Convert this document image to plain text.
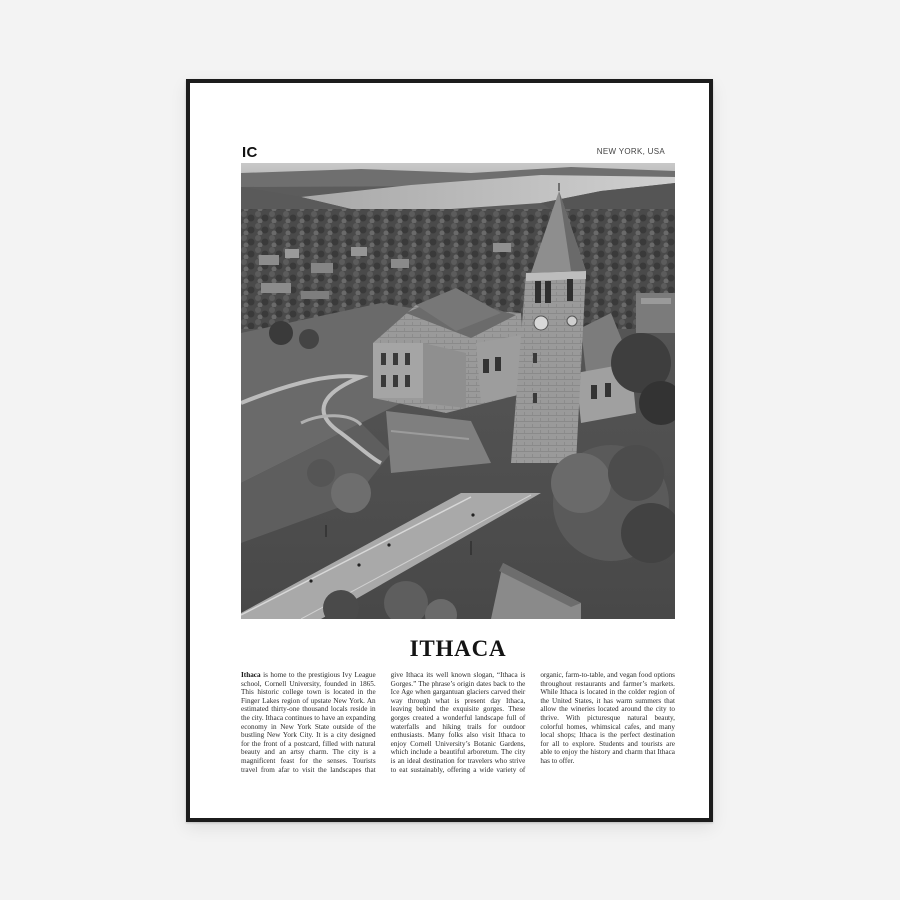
IC	NEW YORK, USA
ITHACA
Ithaca is home to the prestigious Ivy League school, Cornell University, founded in 1865. This historic college town is located in the Finger Lakes region of upstate New York. An estimated thirty-one thousand locals reside in the city. Ithaca continues to have an expanding economy in New York State outside of the bustling New York City. It is a city designed for the front of a postcard, filled with natural beauty and an artsy charm. The city is a magnificent feast for the senses. Tourists travel from afar to visit the landscapes that give Ithaca its well known slogan, “Ithaca is Gorges.” The phrase’s origin dates back to the Ice Age when gargantuan glaciers carved their way through what is present day Ithaca, leaving behind the exquisite gorges. These gorges created a wonderful landscape full of waterfalls and hiking trails for outdoor enthusiasts. Many folks also visit Ithaca to enjoy Cornell University’s Botanic Gardens, which include a beautiful arboretum. The city is an ideal destination for travelers who strive to eat sustainably, offering a wide variety of organic, farm-to-table, and vegan food options throughout restaurants and farmer’s markets. While Ithaca is located in the colder region of the United States, it has warm summers that allow the wineries located around the city to thrive. With picturesque natural beauty, colorful homes, whimsical cafes, and many local shops; Ithaca is the perfect destination for all to explore. Students and tourists are able to enjoy the history and charm that Ithaca has to offer.
